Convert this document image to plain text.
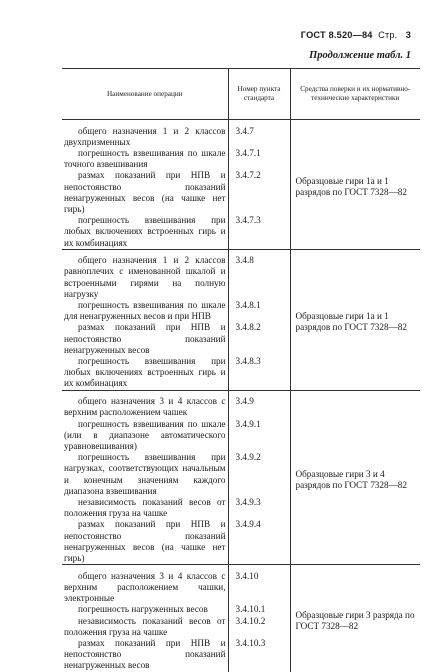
ГОСТ 8.520—84 Стр. 3
Продолжение табл. 1
Наименование операции	Номер пункта стандарта	Средства поверки и их нормативно-технические характеристики

общего назначения 1 и 2 классов двухпризменных	3.4.7	Образцовые гири 1а и 1 разрядов по ГОСТ 7328—82

погрешность взвешивания по шкале точного взвешивания	3.4.7.1	

размах показаний при НПВ и непостоянство показаний ненагруженных весов (на чашке нет гирь)	3.4.7.2	

погрешность взвешивания при любых включениях встроенных гирь и их комбинациях	3.4.7.3	

общего назначения 1 и 2 классов равноплечих с именованной шкалой и встроенными гирями на полную нагрузку	3.4.8	Образцовые гири 1а и 1 разрядов по ГОСТ 7328—82

погрешность взвешивания по шкале для ненагруженных весов и при НПВ	3.4.8.1	

размах показаний при НПВ и непостоянство показаний ненагруженных весов	3.4.8.2	

погрешность взвешивания при любых включениях встроенных гирь и их комбинациях	3.4.8.3	

общего назначения 3 и 4 классов с верхним расположением чашек	3.4.9	Образцовые гири 3 и 4 разрядов по ГОСТ 7328—82

погрешность взвешивания по шкале (или в диапазоне автоматического уравновешивания)	3.4.9.1	

погрешность взвешивания при нагрузках, соответствующих начальным и конечным значениям каждого диапазона взвешивания	3.4.9.2	

независимость показаний весов от положения груза на чашке	3.4.9.3	

размах показаний при НПВ и непостоянство показаний ненагруженных весов (на чашке нет гирь)	3.4.9.4	

общего назначения 3 и 4 классов с верхним расположением чашки, электронные	3.4.10	Образцовые гири 3 разряда по ГОСТ 7328—82

погрешность нагруженных весов	3.4.10.1	

независимость показаний весов от положения груза на чашке	3.4.10.2	

размах показаний при НПВ и непостоянство показаний ненагруженных весов	3.4.10.3	
